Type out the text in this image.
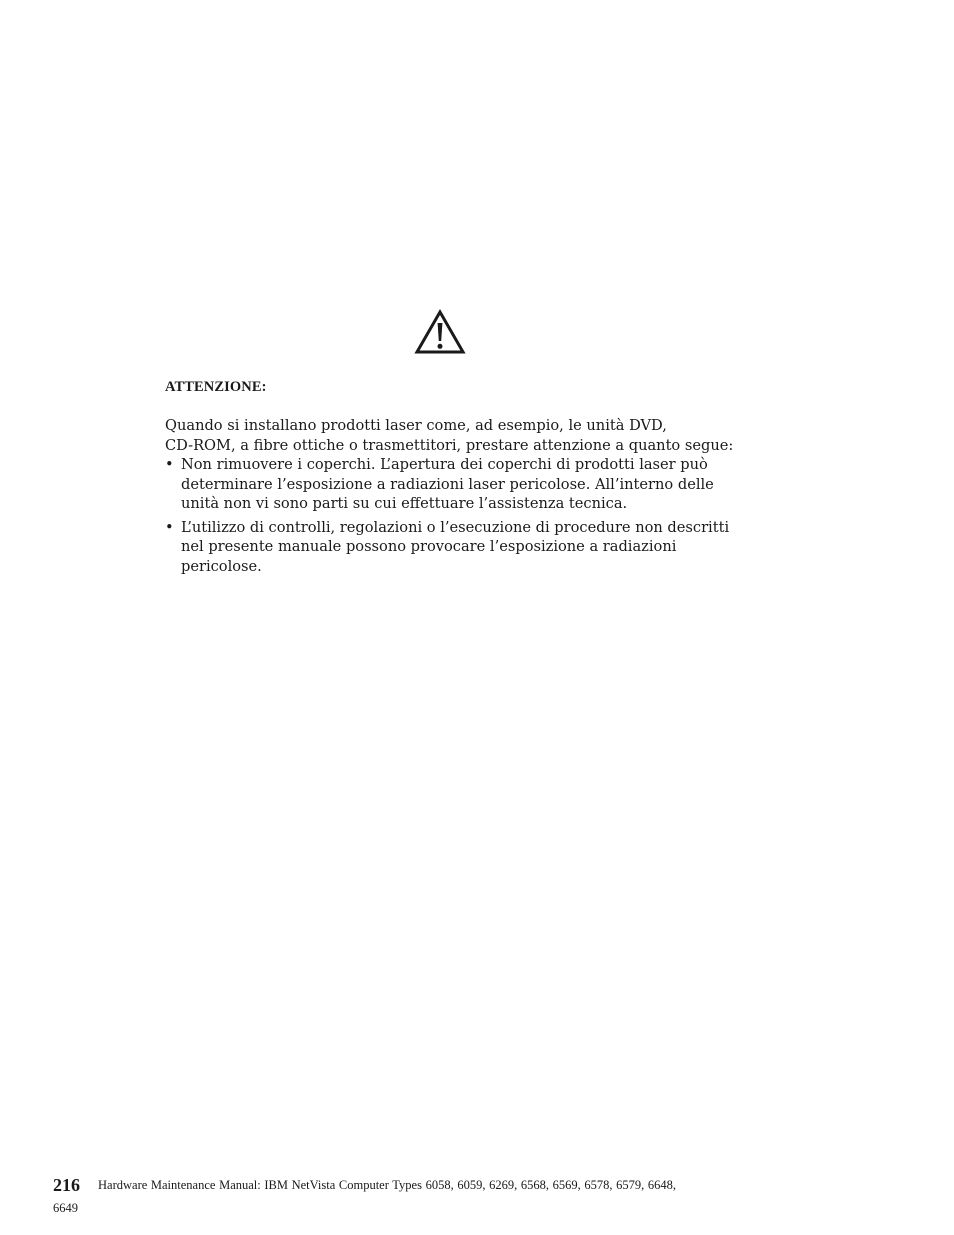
ATTENZIONE:
Quando si installano prodotti laser come, ad esempio, le unità DVD,
CD-ROM, a fibre ottiche o trasmettitori, prestare attenzione a quanto segue:
• Non rimuovere i coperchi. L’apertura dei coperchi di prodotti laser può
determinare l’esposizione a radiazioni laser pericolose. All’interno delle
unità non vi sono parti su cui effettuare l’assistenza tecnica.
• L’utilizzo di controlli, regolazioni o l’esecuzione di procedure non descritti
nel presente manuale possono provocare l’esposizione a radiazioni
pericolose.
216 Hardware Maintenance Manual: IBM NetVista Computer Types 6058, 6059, 6269, 6568, 6569, 6578, 6579, 6648,
6649
